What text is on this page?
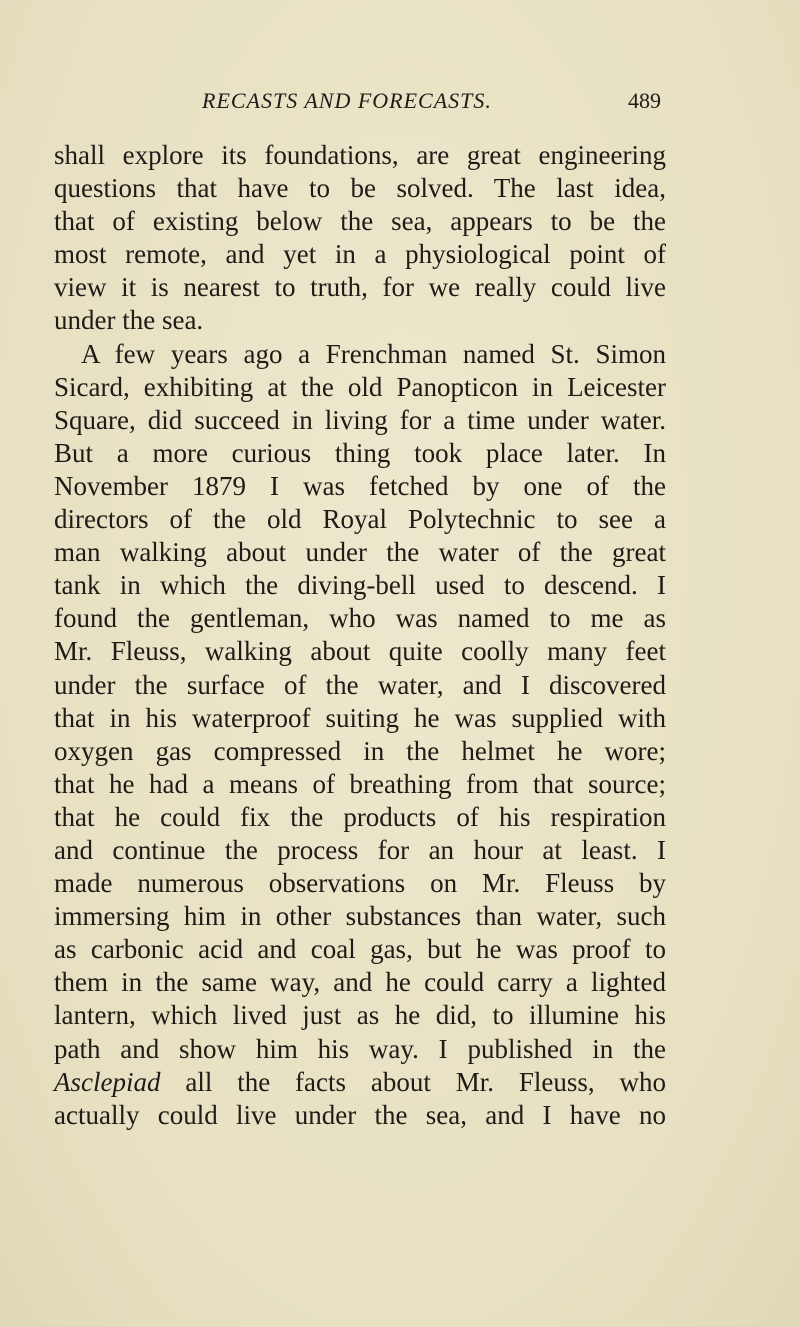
RECASTS AND FORECASTS.	489
shall explore its foundations, are great engineering
questions that have to be solved. The last idea,
that of existing below the sea, appears to be the
most remote, and yet in a physiological point of
view it is nearest to truth, for we really could live
under the sea.
A few years ago a Frenchman named St. Simon
Sicard, exhibiting at the old Panopticon in Leicester
Square, did succeed in living for a time under water.
But a more curious thing took place later. In
November 1879 I was fetched by one of the
directors of the old Royal Polytechnic to see a
man walking about under the water of the great
tank in which the diving-bell used to descend. I
found the gentleman, who was named to me as
Mr. Fleuss, walking about quite coolly many feet
under the surface of the water, and I discovered
that in his waterproof suiting he was supplied with
oxygen gas compressed in the helmet he wore;
that he had a means of breathing from that source;
that he could fix the products of his respiration
and continue the process for an hour at least. I
made numerous observations on Mr. Fleuss by
immersing him in other substances than water, such
as carbonic acid and coal gas, but he was proof to
them in the same way, and he could carry a lighted
lantern, which lived just as he did, to illumine his
path and show him his way. I published in the
Asclepiad all the facts about Mr. Fleuss, who
actually could live under the sea, and I have no
